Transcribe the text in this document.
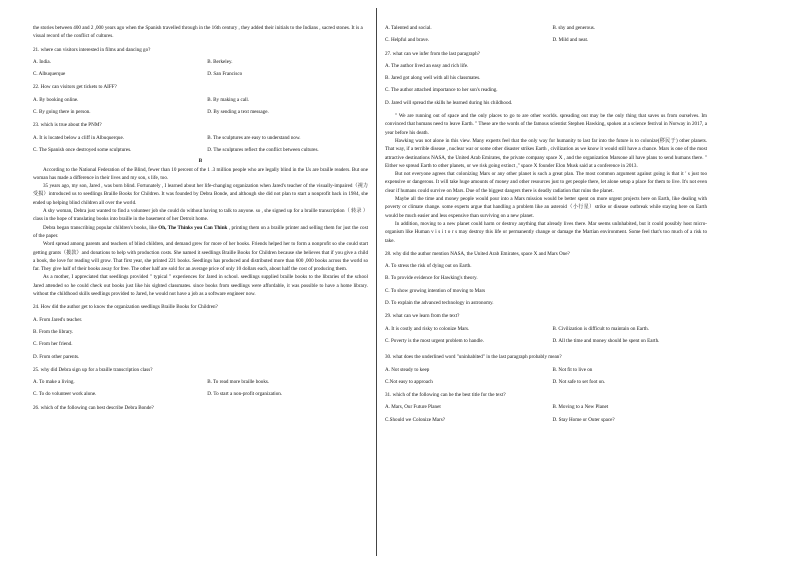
the stories between 400 and 2 ,000 years ago when the Spanish travelled through in the 16th century , they added their initials to the Indians , sacred stones. It is a visual record of the conflict of cultures.

21. where can visitors interested in films and dancing go?

A. India.	B. Berkeley.
C. Albuquerque	D. San Francisco

22. How can visitors get tickets to AIFF?

A. By booking online.	B. By making a call.
C. By going there in person.	D. By sending a text message.

23. which is true about the PNM?

A. It is located below a cliff in Albuquerque.	B. The sculptures are easy to understand now.
C. The Spanish once destroyed some sculptures.	D. The sculptures reflect the conflict between cultures.

B

According to the National Federation of the Blind, fewer than 10 percent of the 1 .3 million people who are legally blind in the Us are braille readers. But one woman has made a difference in their lives and my son, s life, too.

35 years ago, my son, Jared , was born blind. Fortunately , I learned about her life-changing organization when Jared's teacher of the visually-impaired（视力受损）introduced us to seedlings Braille Books for Children. It was founded by Debra Bonde, and although she did not plan to start a nonprofit back in 1984, she ended up helping blind children all over the world.

A shy woman, Debra just wanted to find a volunteer job she could do without having to talk to anyone. so , she signed up for a braille transcription（ 转录 ） class in the hope of translating books into braille in the basement of her Detroit home.

Debra began transcribing popular children's books, like Oh, The Thinks you Can Think , printing them on a braille printer and selling them for just the cost of the paper.

Word spread among parents and teachers of blind children, and demand grew for more of her books. Friends helped her to form a nonprofit so she could start getting grants（拨款）and donations to help with production costs. She named it seedlings Braille Books for Children because she believes that if you give a child a book, the love for reading will grow. That first year, she printed 221 books. Seedlings has produced and distributed more than 600 ,000 books across the world so far. They give half of their books away for free. The other half are sold for an average price of only 10 dollars each, about half the cost of producing them.

As a mother, I appreciated that seedlings provided " typical " experiences for Jared in school. seedlings supplied braille books to the libraries of the school Jared attended so he could check out books just like his sighted classmates. since books from seedlings were affordable, it was possible to have a home library. without the childhood skills seedlings provided to Jared, he would not have a job as a software engineer now.

24. How did the author get to know the organization seedlings Braille Books for Children?

A. From Jared's teacher.

B. From the library.

C. From her friend.

D. From other parents.

25. why did Debra sign up for a braille transcription class?

A. To make a living.	B. To read more braille books.
C. To do volunteer work alone.	D. To start a non-profit organization.

26. which of the following can best describe Debra Bonde?

A. Talented and social.	B. shy and generous.
C. Helpful and brave.	D. Mild and neat.

27. what can we infer from the last paragraph?

A. The author lived an easy and rich life.

B. Jared got along well with all his classmates.

C. The author attached importance to her son's reading.

D. Jared will spread the skills he learned during his childhood.

" We are running out of space and the only places to go to are other worlds. spreading out may be the only thing that saves us from ourselves. Im convinced that humans need to leave Earth. " These are the words of the famous scientist Stephen Hawking, spoken at a science festival in Norway in 2017, a year before his death.

Hawking was not alone in this view. Many experts feel that the only way for humanity to last far into the future is to colonize(移民于) other planets. That way, if a terrible disease , nuclear war or some other disaster strikes Earth , civilization as we know it would still have a chance. Mars is one of the most attractive destinations NASA, the United Arab Emirates, the private company space X , and the organization Marsone all have plans to send humans there. " Either we spread Earth to other planets, or we risk going extinct ," space X founder Elon Musk said at a conference in 2013.

But not everyone agrees that colonizing Mars or any other planet is such a great plan. The most common argument against going is that it ' s just too expensive or dangerous. It will take huge amounts of money and other resources just to get people there, let alone setup a place for them to live. It's not even clear if humans could survive on Mars. Due of the biggest dangers there is deadly radiation that ruins the planet.

Maybe all the time and money people would pour into a Mars mission would be better spent on more urgent projects here on Earth, like dealing with poverty or climate change. some experts argue that handling a problem like an asteroid（小行星）strike or disease outbreak while staying here on Earth would be much easier and less expensive than surviving on a new planet.

In addition, moving to a new planet could harm or destroy anything that already lives there. Mar seems unInhabited, but it could possibly host micro-organism like Human v i s i t o r s may destroy this life or permanently change or damage the Martian environment. Some feel that's too much of a risk to take.

28. why did the author mention NASA, the United Arab Emirates, space X and Mars One?

A. To stress the risk of dying out on Earth.

B. To provide evidence for Hawking's theory.

C. To show growing intention of moving to Mars

D. To explain the advanced technology in astronomy.

29. what can we learn from the text?

A. It is costly and risky to colonize Mars.	B. Civilization is difficult to maintain on Earth.
C. Poverty is the most urgent problem to handle.	D. All the time and money should be spent on Earth.

30. what does the underlined word "uninhabited" in the last paragraph probably mean?

A. Not steady to keep	B. Not fit to live on
C.Not easy to approach	D. Not safe to set foot on.

31. which of the following can be the best title for the text?

A. Mars, Our Future Planet	B. Moving to a New Planet
C.Should we Colonize Mars?	D. Stay Home or Outer space?
